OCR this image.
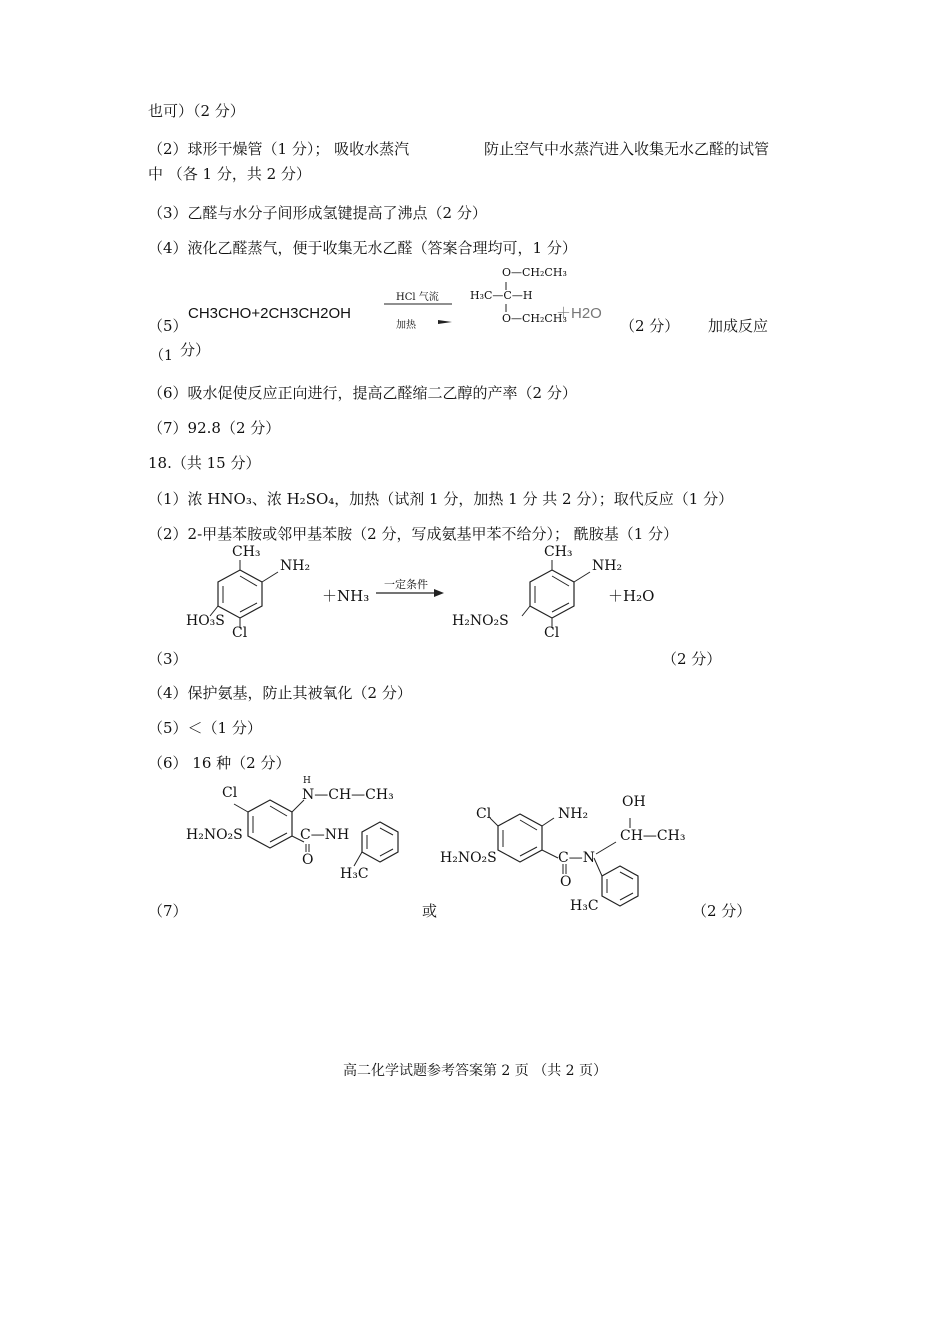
也可）（2 分）
（2）球形干燥管（1 分）； 吸收水蒸汽	防止空气中水蒸汽进入收集无水乙醛的试管
中 （各 1 分，共 2 分）
（3）乙醛与水分子间形成氢键提高了沸点（2 分）
（4）液化乙醛蒸气，便于收集无水乙醛（答案合理均可，1 分）
（5）
CH3CHO+2CH3CH2OH
HCl 气流
加热
O—CH₂CH₃
H₃C—C—H
O—CH₂CH₃
＋H2O
（2 分） 加成反应
（1 分）
（6）吸水促使反应正向进行，提高乙醛缩二乙醇的产率（2 分）
（7）92.8（2 分）
18.（共 15 分）
（1）浓 HNO₃、浓 H₂SO₄，加热（试剂 1 分，加热 1 分 共 2 分）；取代反应（1 分）
（2）2-甲基苯胺或邻甲基苯胺（2 分，写成氨基甲苯不给分）； 酰胺基（1 分）
CH₃
NH₂
HO₃S
Cl
＋NH₃
一定条件
CH₃
NH₂
H₂NO₂S
Cl
＋H₂O
（3）	（2 分）
（4）保护氨基，防止其被氧化（2 分）
（5）＜（1 分）
（6） 16 种（2 分）
Cl
H
N—CH—CH₃
H₂NO₂S	C—NH
O
H₃C
Cl	NH₂
OH
CH—CH₃
H₂NO₂S	C—N
O
H₃C
（7）	或	（2 分）
高二化学试题参考答案第 2 页 （共 2 页）
